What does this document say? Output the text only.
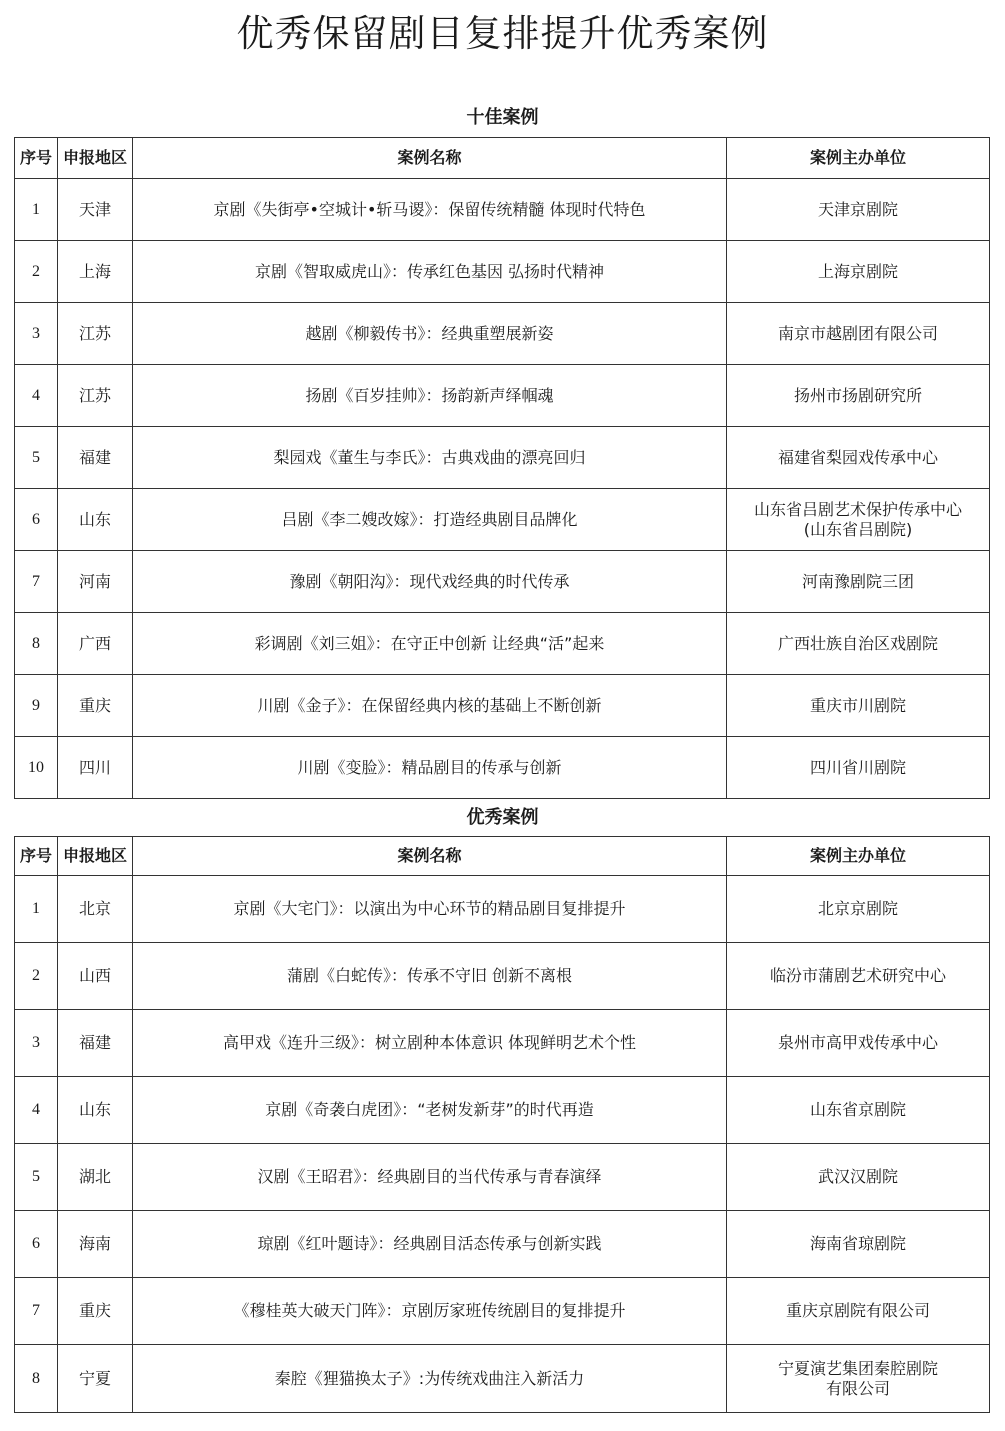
优秀保留剧目复排提升优秀案例
十佳案例
序号	申报地区	案例名称	案例主办单位
1	天津	京剧《失街亭•空城计•斩马谡》：保留传统精髓 体现时代特色	天津京剧院
2	上海	京剧《智取威虎山》：传承红色基因 弘扬时代精神	上海京剧院
3	江苏	越剧《柳毅传书》：经典重塑展新姿	南京市越剧团有限公司
4	江苏	扬剧《百岁挂帅》：扬韵新声绎帼魂	扬州市扬剧研究所
5	福建	梨园戏《董生与李氏》：古典戏曲的漂亮回归	福建省梨园戏传承中心
6	山东	吕剧《李二嫂改嫁》：打造经典剧目品牌化	山东省吕剧艺术保护传承中心
(山东省吕剧院)

7	河南	豫剧《朝阳沟》：现代戏经典的时代传承	河南豫剧院三团
8	广西	彩调剧《刘三姐》：在守正中创新 让经典“活”起来	广西壮族自治区戏剧院
9	重庆	川剧《金子》：在保留经典内核的基础上不断创新	重庆市川剧院
10	四川	川剧《变脸》：精品剧目的传承与创新	四川省川剧院
优秀案例
序号	申报地区	案例名称	案例主办单位
1	北京	京剧《大宅门》：以演出为中心环节的精品剧目复排提升	北京京剧院
2	山西	蒲剧《白蛇传》：传承不守旧 创新不离根	临汾市蒲剧艺术研究中心
3	福建	高甲戏《连升三级》：树立剧种本体意识 体现鲜明艺术个性	泉州市高甲戏传承中心
4	山东	京剧《奇袭白虎团》：“老树发新芽”的时代再造	山东省京剧院
5	湖北	汉剧《王昭君》：经典剧目的当代传承与青春演绎	武汉汉剧院
6	海南	琼剧《红叶题诗》：经典剧目活态传承与创新实践	海南省琼剧院
7	重庆	《穆桂英大破天门阵》：京剧厉家班传统剧目的复排提升	重庆京剧院有限公司
8	宁夏	秦腔《狸猫换太子》:为传统戏曲注入新活力	宁夏演艺集团秦腔剧院
有限公司
